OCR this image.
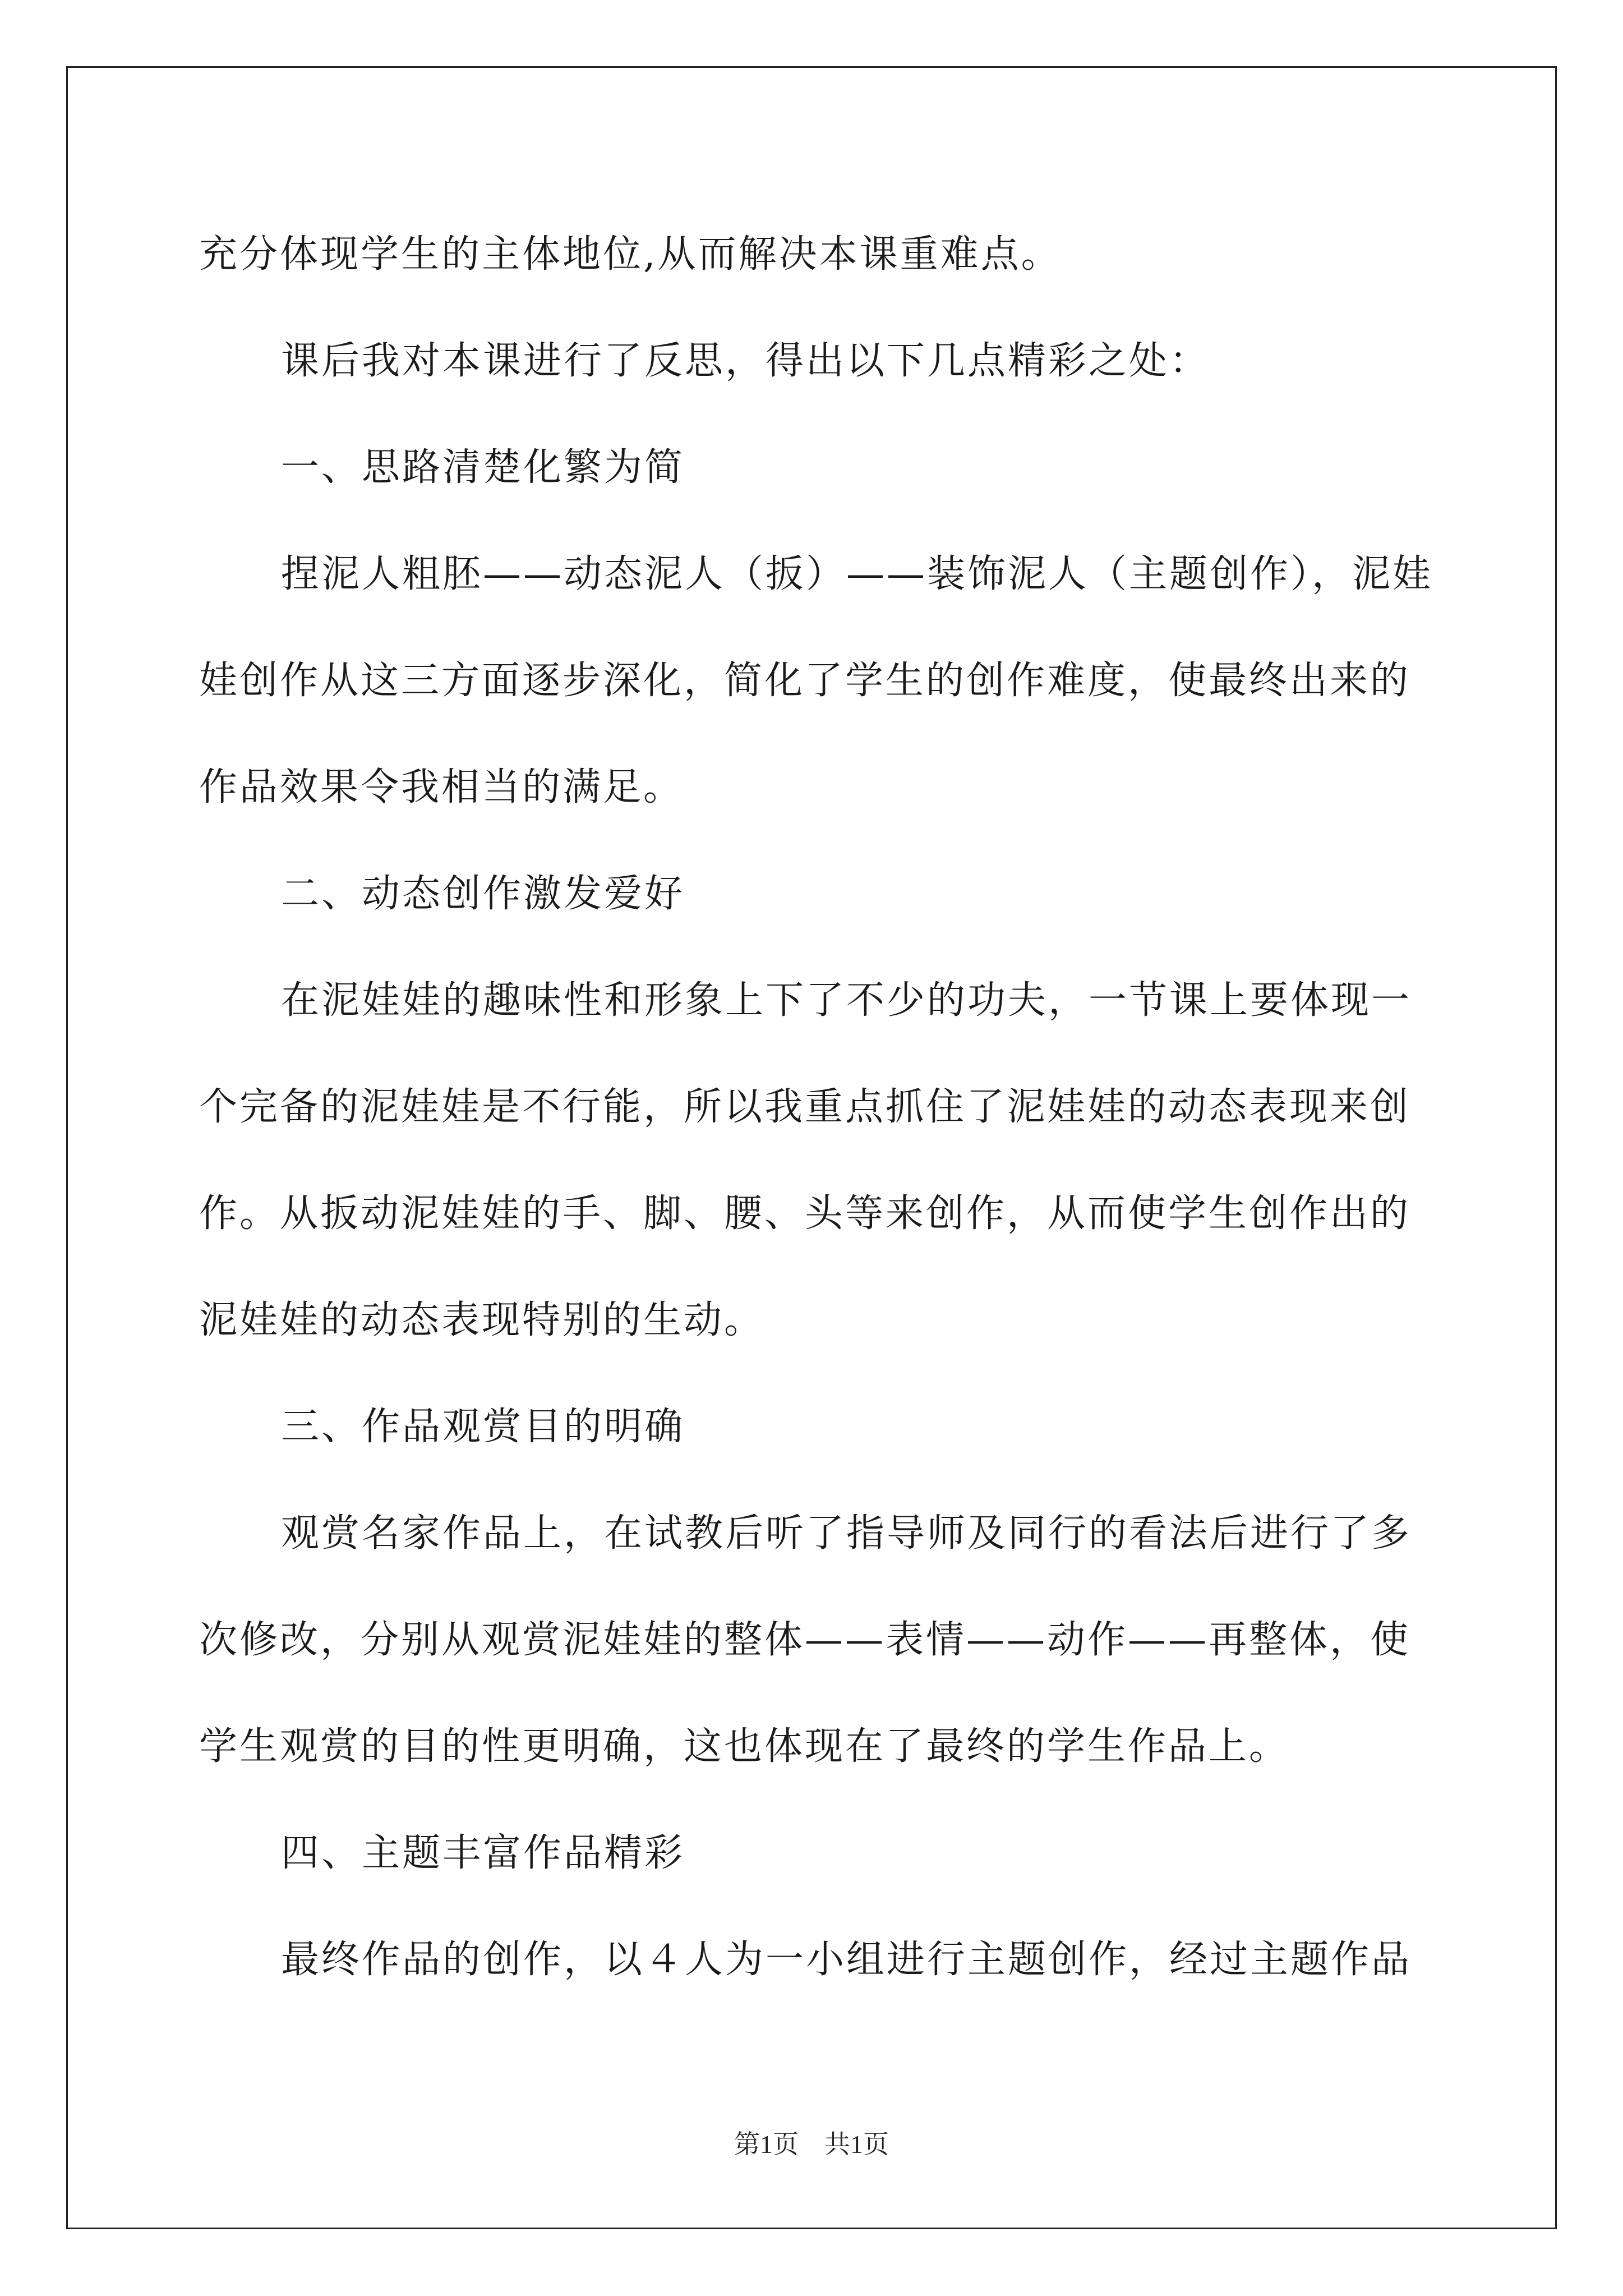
充分体现学生的主体地位,从而解决本课重难点。
课后我对本课进行了反思，得出以下几点精彩之处：
一、思路清楚化繁为简
捏泥人粗胚——动态泥人（扳）——装饰泥人（主题创作），泥娃
娃创作从这三方面逐步深化，简化了学生的创作难度，使最终出来的
作品效果令我相当的满足。
二、动态创作激发爱好
在泥娃娃的趣味性和形象上下了不少的功夫，一节课上要体现一
个完备的泥娃娃是不行能，所以我重点抓住了泥娃娃的动态表现来创
作。从扳动泥娃娃的手、脚、腰、头等来创作，从而使学生创作出的
泥娃娃的动态表现特别的生动。
三、作品观赏目的明确
观赏名家作品上，在试教后听了指导师及同行的看法后进行了多
次修改，分别从观赏泥娃娃的整体——表情——动作——再整体，使
学生观赏的目的性更明确，这也体现在了最终的学生作品上。
四、主题丰富作品精彩
最终作品的创作，以４人为一小组进行主题创作，经过主题作品
第1页　共1页
